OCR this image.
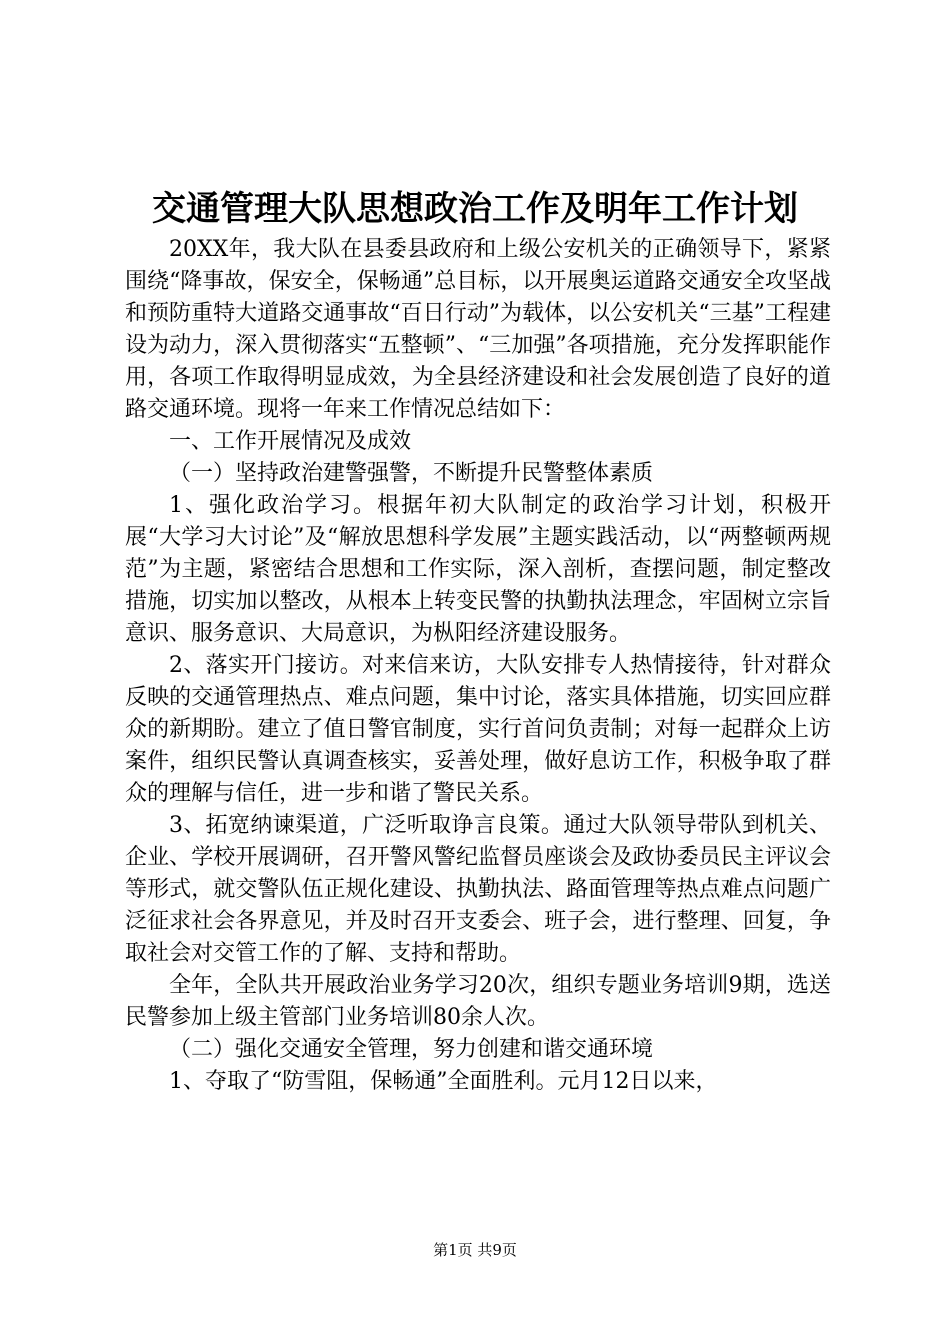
交通管理大队思想政治工作及明年工作计划

20XX年，我大队在县委县政府和上级公安机关的正确领导下，紧紧围绕“降事故，保安全，保畅通”总目标，以开展奥运道路交通安全攻坚战和预防重特大道路交通事故“百日行动”为载体，以公安机关“三基”工程建设为动力，深入贯彻落实“五整顿”、“三加强”各项措施，充分发挥职能作用，各项工作取得明显成效，为全县经济建设和社会发展创造了良好的道路交通环境。现将一年来工作情况总结如下：

一、工作开展情况及成效

（一）坚持政治建警强警，不断提升民警整体素质

1、强化政治学习。根据年初大队制定的政治学习计划，积极开展“大学习大讨论”及“解放思想科学发展”主题实践活动，以“两整顿两规范”为主题，紧密结合思想和工作实际，深入剖析，查摆问题，制定整改措施，切实加以整改，从根本上转变民警的执勤执法理念，牢固树立宗旨意识、服务意识、大局意识，为枞阳经济建设服务。

2、落实开门接访。对来信来访，大队安排专人热情接待，针对群众反映的交通管理热点、难点问题，集中讨论，落实具体措施，切实回应群众的新期盼。建立了值日警官制度，实行首问负责制；对每一起群众上访案件，组织民警认真调查核实，妥善处理，做好息访工作，积极争取了群众的理解与信任，进一步和谐了警民关系。

3、拓宽纳谏渠道，广泛听取诤言良策。通过大队领导带队到机关、企业、学校开展调研，召开警风警纪监督员座谈会及政协委员民主评议会等形式，就交警队伍正规化建设、执勤执法、路面管理等热点难点问题广泛征求社会各界意见，并及时召开支委会、班子会，进行整理、回复，争取社会对交管工作的了解、支持和帮助。

全年，全队共开展政治业务学习20次，组织专题业务培训9期，选送民警参加上级主管部门业务培训80余人次。

（二）强化交通安全管理，努力创建和谐交通环境

1、夺取了“防雪阻，保畅通”全面胜利。元月12日以来，

第1页 共9页
